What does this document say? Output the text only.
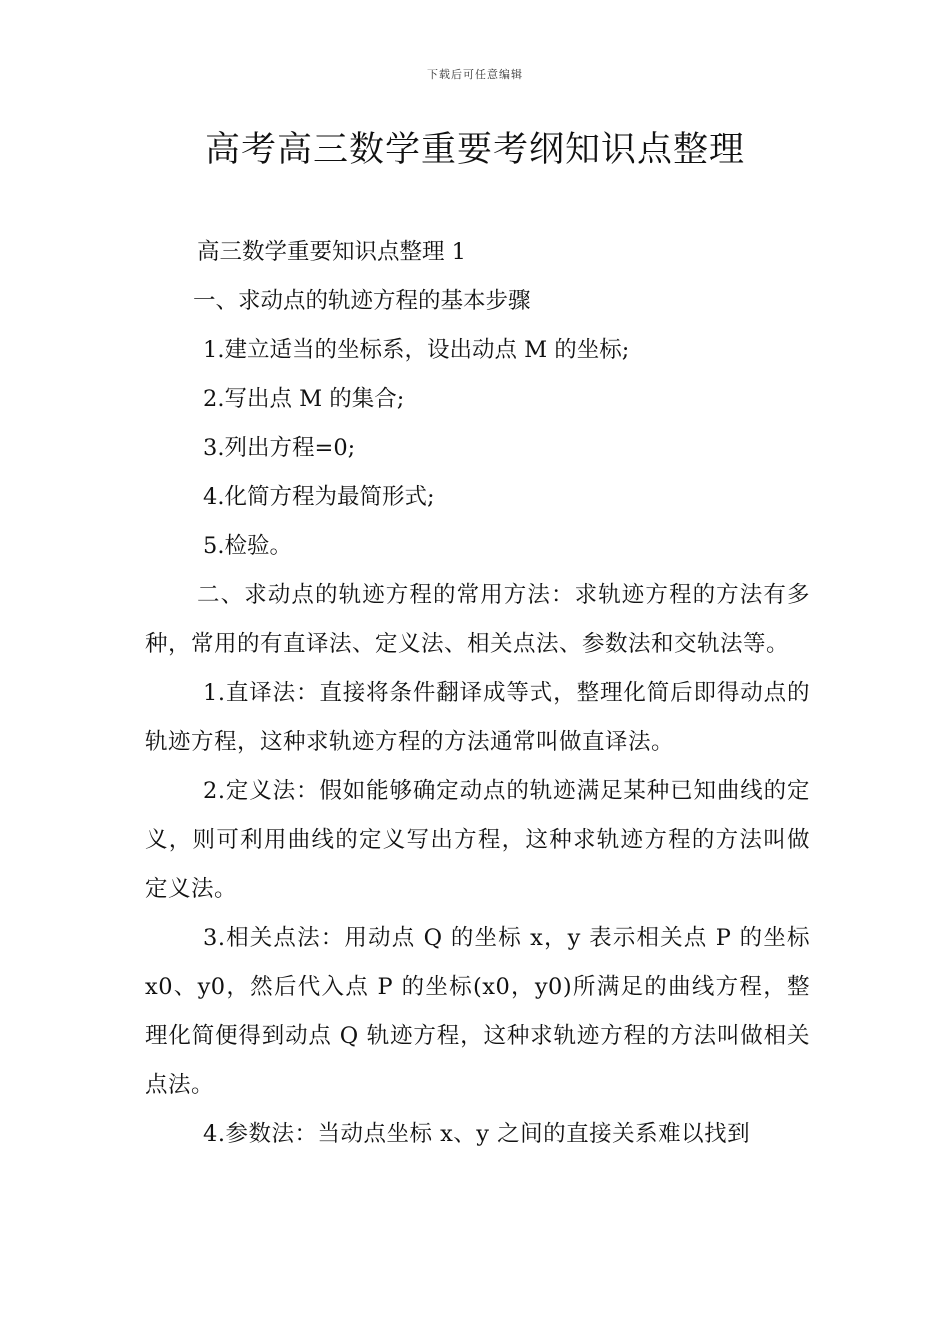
下载后可任意编辑
高考高三数学重要考纲知识点整理

高三数学重要知识点整理 1

一、求动点的轨迹方程的基本步骤

1.建立适当的坐标系，设出动点 M 的坐标;

2.写出点 M 的集合;

3.列出方程=0;

4.化简方程为最简形式;

5.检验。

二、求动点的轨迹方程的常用方法：求轨迹方程的方法有多种，常用的有直译法、定义法、相关点法、参数法和交轨法等。

1.直译法：直接将条件翻译成等式，整理化简后即得动点的轨迹方程，这种求轨迹方程的方法通常叫做直译法。

2.定义法：假如能够确定动点的轨迹满足某种已知曲线的定义，则可利用曲线的定义写出方程，这种求轨迹方程的方法叫做定义法。

3.相关点法：用动点 Q 的坐标 x，y 表示相关点 P 的坐标 x0、y0，然后代入点 P 的坐标(x0，y0)所满足的曲线方程，整理化简便得到动点 Q 轨迹方程，这种求轨迹方程的方法叫做相关点法。

4.参数法：当动点坐标 x、y 之间的直接关系难以找到
